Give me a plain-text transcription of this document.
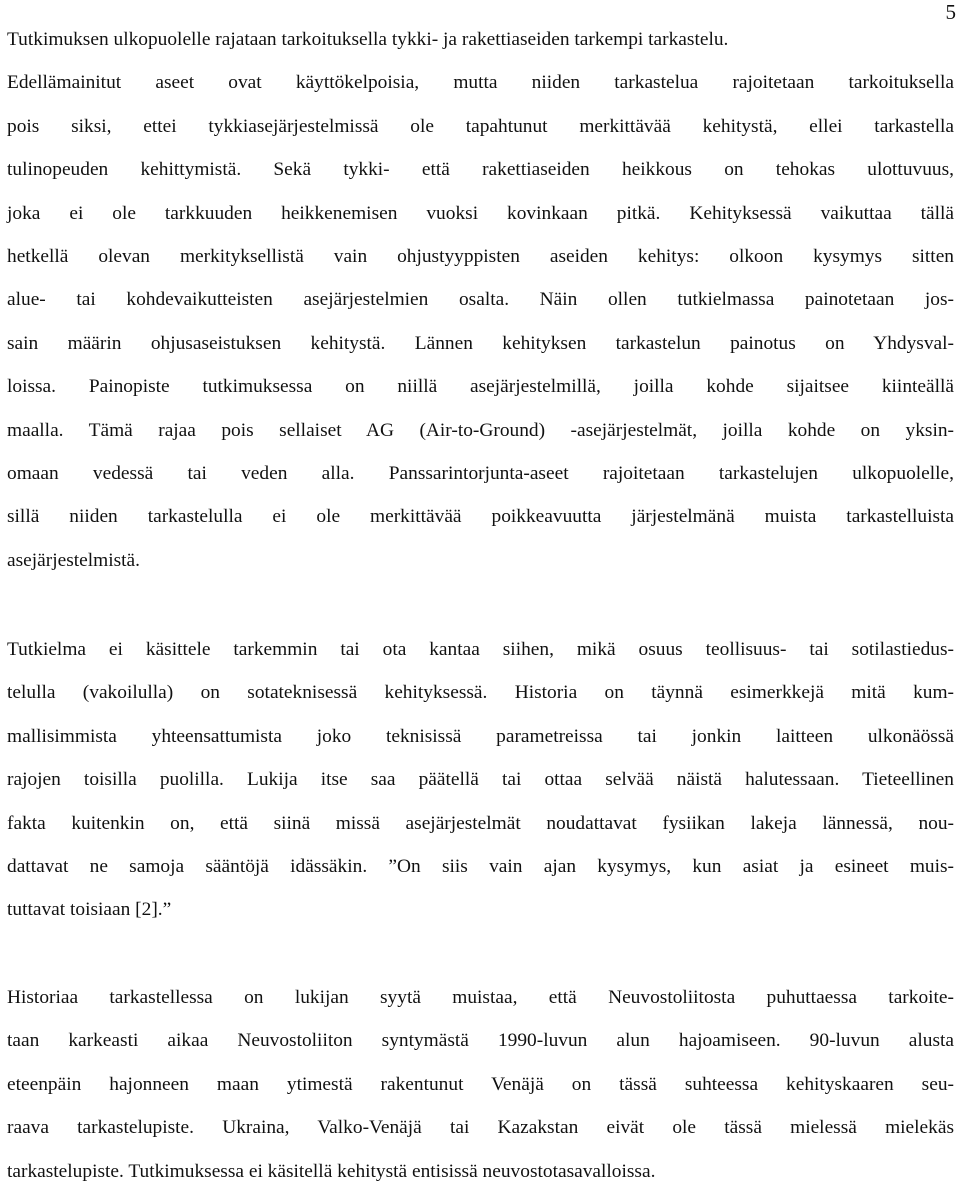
5
Tutkimuksen ulkopuolelle rajataan tarkoituksella tykki- ja rakettiaseiden tarkempi tarkastelu.
Edellämainitut aseet ovat käyttökelpoisia, mutta niiden tarkastelua rajoitetaan tarkoituksella
pois siksi, ettei tykkiasejärjestelmissä ole tapahtunut merkittävää kehitystä, ellei tarkastella
tulinopeuden kehittymistä. Sekä tykki- että rakettiaseiden heikkous on tehokas ulottuvuus,
joka ei ole tarkkuuden heikkenemisen vuoksi kovinkaan pitkä. Kehityksessä vaikuttaa tällä
hetkellä olevan merkityksellistä vain ohjustyyppisten aseiden kehitys: olkoon kysymys sitten
alue- tai kohdevaikutteisten asejärjestelmien osalta. Näin ollen tutkielmassa painotetaan jos-
sain määrin ohjusaseistuksen kehitystä. Lännen kehityksen tarkastelun painotus on Yhdysval-
loissa. Painopiste tutkimuksessa on niillä asejärjestelmillä, joilla kohde sijaitsee kiinteällä
maalla. Tämä rajaa pois sellaiset AG (Air-to-Ground) -asejärjestelmät, joilla kohde on yksin-
omaan vedessä tai veden alla. Panssarintorjunta-aseet rajoitetaan tarkastelujen ulkopuolelle,
sillä niiden tarkastelulla ei ole merkittävää poikkeavuutta järjestelmänä muista tarkastelluista
asejärjestelmistä.
Tutkielma ei käsittele tarkemmin tai ota kantaa siihen, mikä osuus teollisuus- tai sotilastiedus-
telulla (vakoilulla) on sotateknisessä kehityksessä. Historia on täynnä esimerkkejä mitä kum-
mallisimmista yhteensattumista joko teknisissä parametreissa tai jonkin laitteen ulkonäössä
rajojen toisilla puolilla. Lukija itse saa päätellä tai ottaa selvää näistä halutessaan. Tieteellinen
fakta kuitenkin on, että siinä missä asejärjestelmät noudattavat fysiikan lakeja lännessä, nou-
dattavat ne samoja sääntöjä idässäkin. ”On siis vain ajan kysymys, kun asiat ja esineet muis-
tuttavat toisiaan [2].”
Historiaa tarkastellessa on lukijan syytä muistaa, että Neuvostoliitosta puhuttaessa tarkoite-
taan karkeasti aikaa Neuvostoliiton syntymästä 1990-luvun alun hajoamiseen. 90-luvun alusta
eteenpäin hajonneen maan ytimestä rakentunut Venäjä on tässä suhteessa kehityskaaren seu-
raava tarkastelupiste. Ukraina, Valko-Venäjä tai Kazakstan eivät ole tässä mielessä mielekäs
tarkastelupiste. Tutkimuksessa ei käsitellä kehitystä entisissä neuvostotasavalloissa.
